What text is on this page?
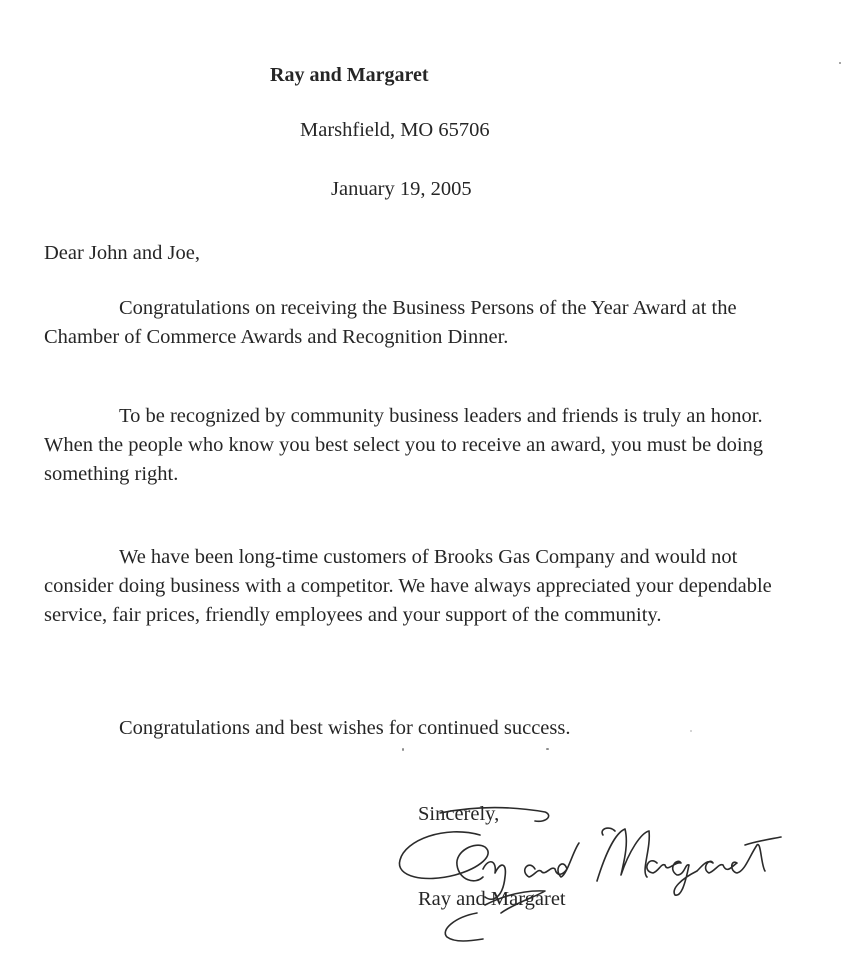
Ray and Margaret
Marshfield, MO 65706
January 19, 2005
Dear John and Joe,
Congratulations on receiving the Business Persons of the Year Award at the Chamber of Commerce Awards and Recognition Dinner.
To be recognized by community business leaders and friends is truly an honor. When the people who know you best select you to receive an award, you must be doing something right.
We have been long-time customers of Brooks Gas Company and would not consider doing business with a competitor. We have always appreciated your dependable service, fair prices, friendly employees and your support of the community.
Congratulations and best wishes for continued success.
Sincerely,
Ray and Margaret
